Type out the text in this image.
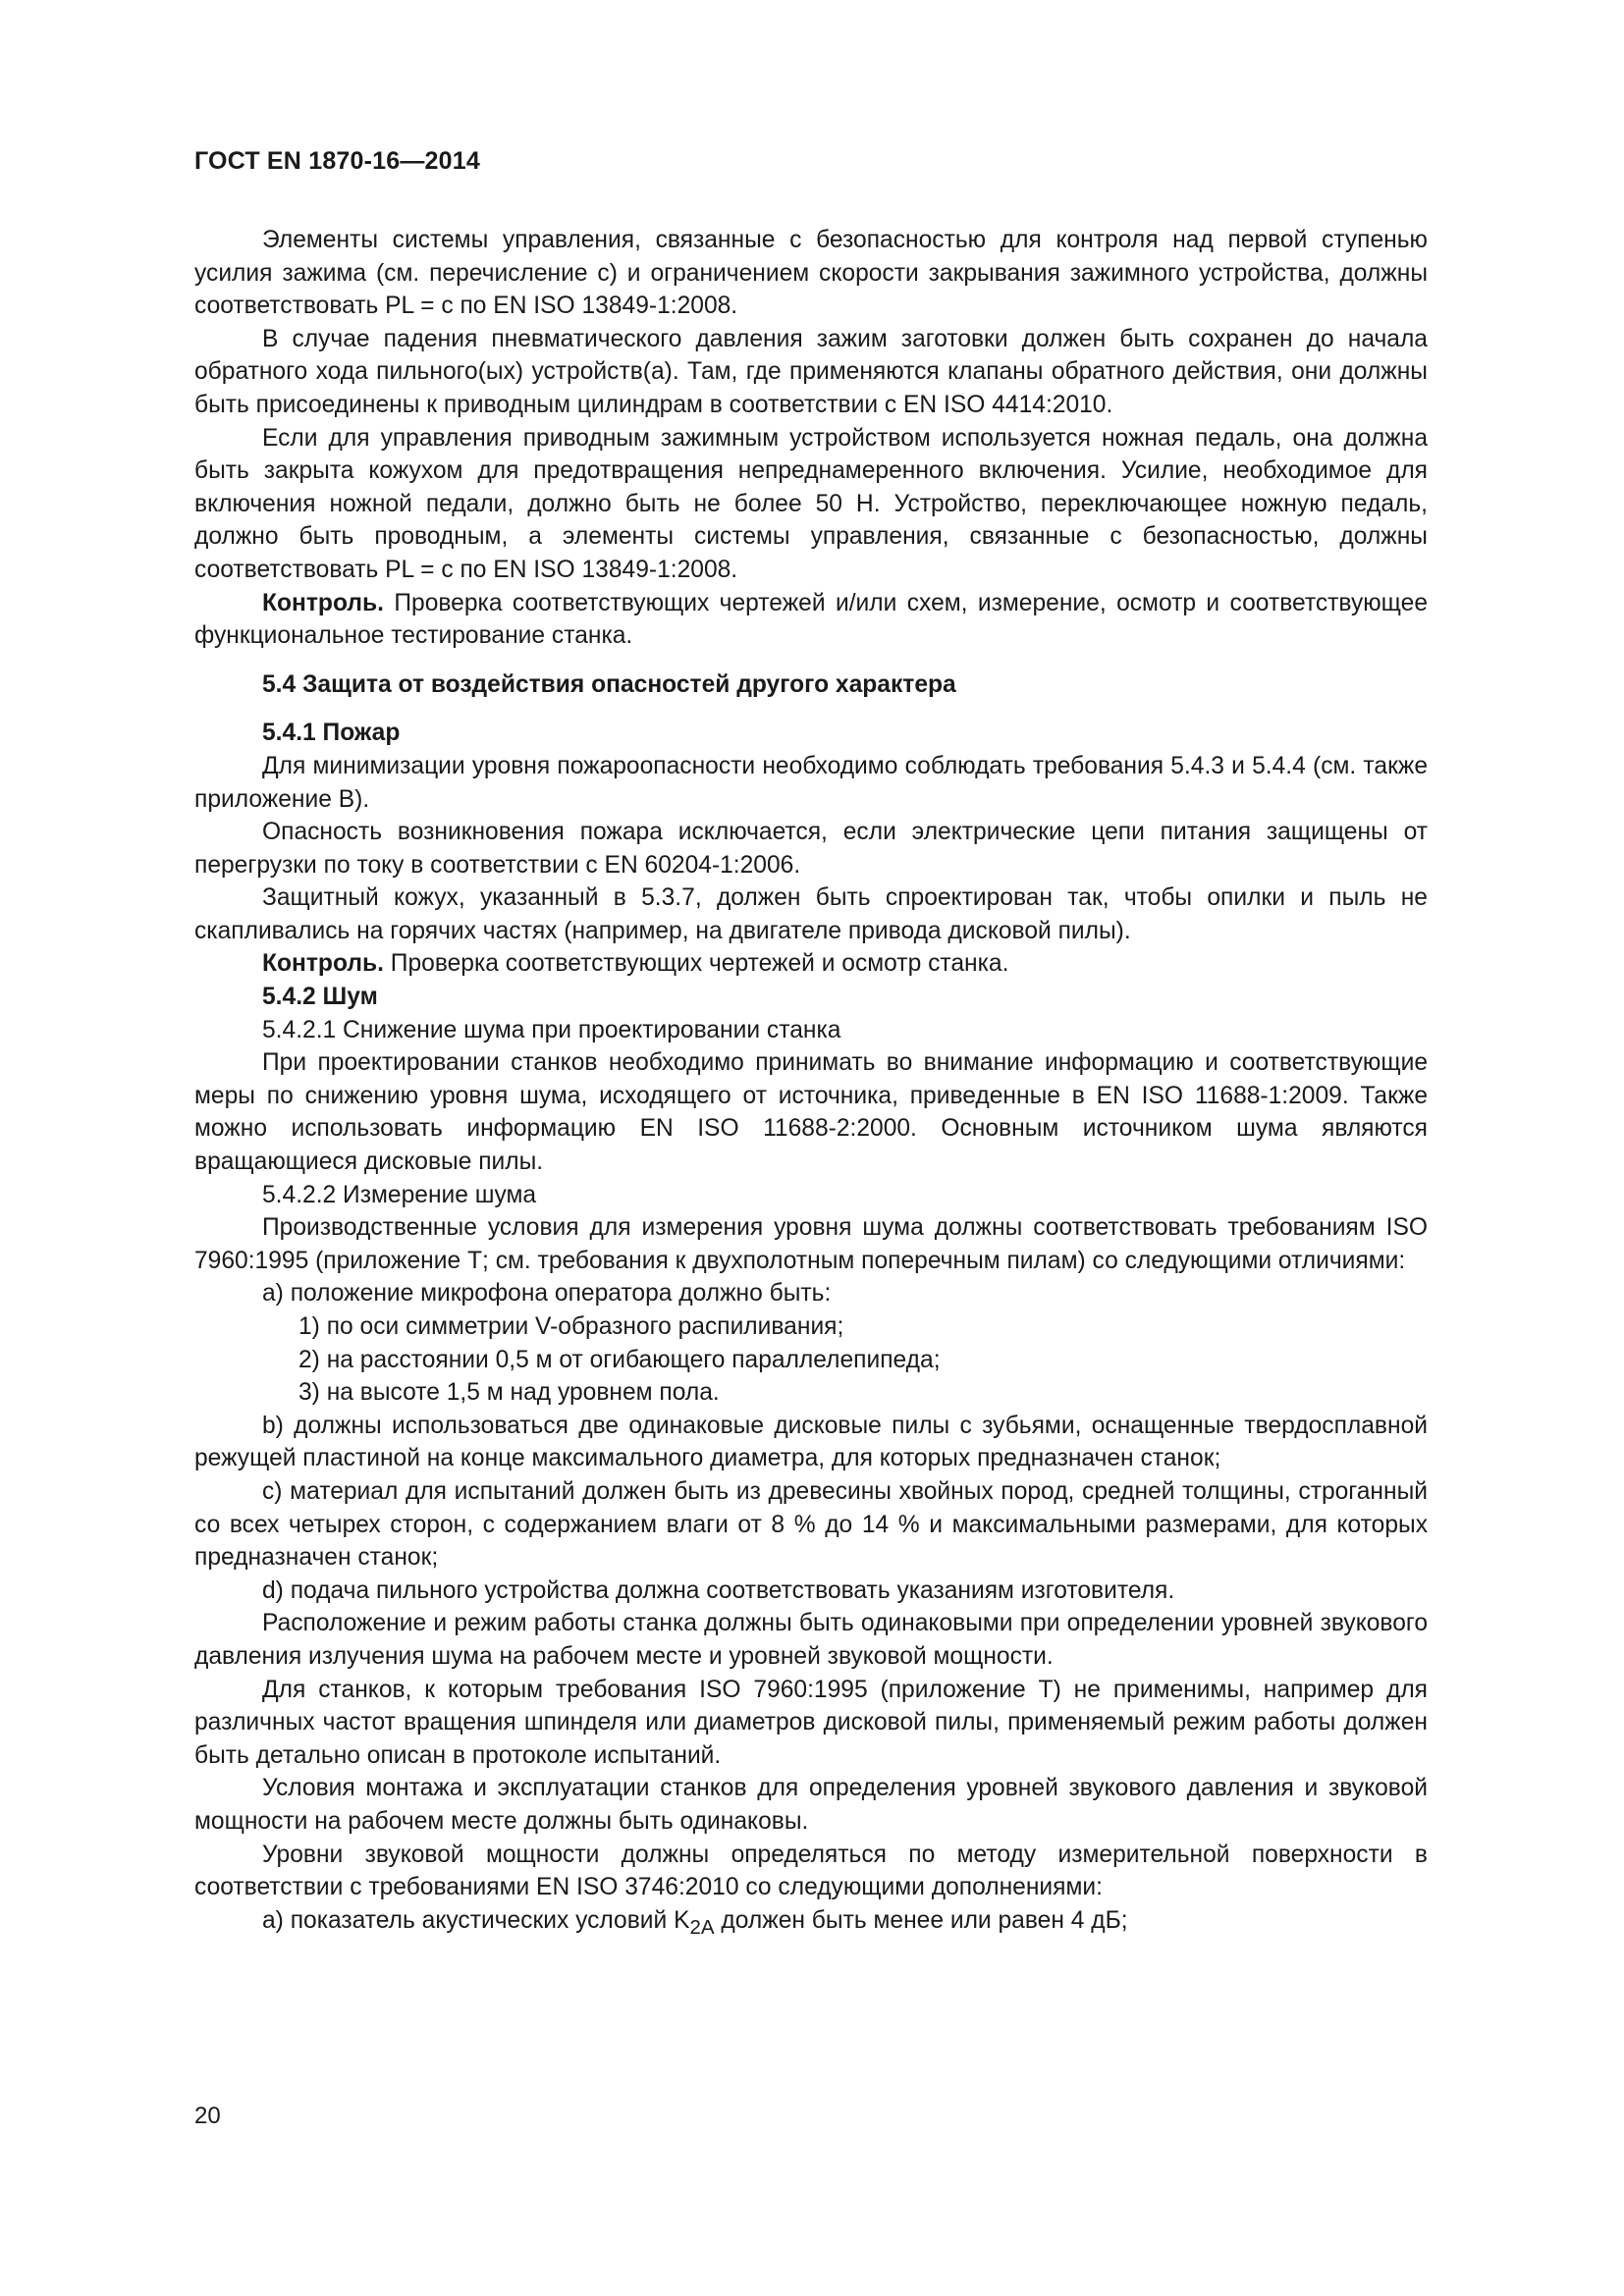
ГОСТ EN 1870-16—2014

Элементы системы управления, связанные с безопасностью для контроля над первой ступенью усилия зажима (см. перечисление с) и ограничением скорости закрывания зажимного устройства, должны соответствовать PL = c по EN ISO 13849-1:2008.

В случае падения пневматического давления зажим заготовки должен быть сохранен до начала обратного хода пильного(ых) устройств(а). Там, где применяются клапаны обратного действия, они должны быть присоединены к приводным цилиндрам в соответствии с EN ISO 4414:2010.

Если для управления приводным зажимным устройством используется ножная педаль, она должна быть закрыта кожухом для предотвращения непреднамеренного включения. Усилие, необходимое для включения ножной педали, должно быть не более 50 Н. Устройство, переключающее ножную педаль, должно быть проводным, а элементы системы управления, связанные с безопасностью, должны соответствовать PL = c по EN ISO 13849-1:2008.

Контроль. Проверка соответствующих чертежей и/или схем, измерение, осмотр и соответствующее функциональное тестирование станка.

5.4 Защита от воздействия опасностей другого характера

5.4.1 Пожар

Для минимизации уровня пожароопасности необходимо соблюдать требования 5.4.3 и 5.4.4 (см. также приложение В).

Опасность возникновения пожара исключается, если электрические цепи питания защищены от перегрузки по току в соответствии с EN 60204-1:2006.

Защитный кожух, указанный в 5.3.7, должен быть спроектирован так, чтобы опилки и пыль не скапливались на горячих частях (например, на двигателе привода дисковой пилы).

Контроль. Проверка соответствующих чертежей и осмотр станка.

5.4.2 Шум

5.4.2.1 Снижение шума при проектировании станка

При проектировании станков необходимо принимать во внимание информацию и соответствующие меры по снижению уровня шума, исходящего от источника, приведенные в EN ISO 11688-1:2009. Также можно использовать информацию EN ISO 11688-2:2000. Основным источником шума являются вращающиеся дисковые пилы.

5.4.2.2 Измерение шума

Производственные условия для измерения уровня шума должны соответствовать требованиям ISO 7960:1995 (приложение Т; см. требования к двухполотным поперечным пилам) со следующими отличиями:

a) положение микрофона оператора должно быть:

1) по оси симметрии V-образного распиливания;

2) на расстоянии 0,5 м от огибающего параллелепипеда;

3) на высоте 1,5 м над уровнем пола.

b) должны использоваться две одинаковые дисковые пилы с зубьями, оснащенные твердосплавной режущей пластиной на конце максимального диаметра, для которых предназначен станок;

c) материал для испытаний должен быть из древесины хвойных пород, средней толщины, строганный со всех четырех сторон, с содержанием влаги от 8 % до 14 % и максимальными размерами, для которых предназначен станок;

d) подача пильного устройства должна соответствовать указаниям изготовителя.

Расположение и режим работы станка должны быть одинаковыми при определении уровней звукового давления излучения шума на рабочем месте и уровней звуковой мощности.

Для станков, к которым требования ISO 7960:1995 (приложение Т) не применимы, например для различных частот вращения шпинделя или диаметров дисковой пилы, применяемый режим работы должен быть детально описан в протоколе испытаний.

Условия монтажа и эксплуатации станков для определения уровней звукового давления и звуковой мощности на рабочем месте должны быть одинаковы.

Уровни звуковой мощности должны определяться по методу измерительной поверхности в соответствии с требованиями EN ISO 3746:2010 со следующими дополнениями:

a) показатель акустических условий $K_{2A}$ должен быть менее или равен 4 дБ;

20
